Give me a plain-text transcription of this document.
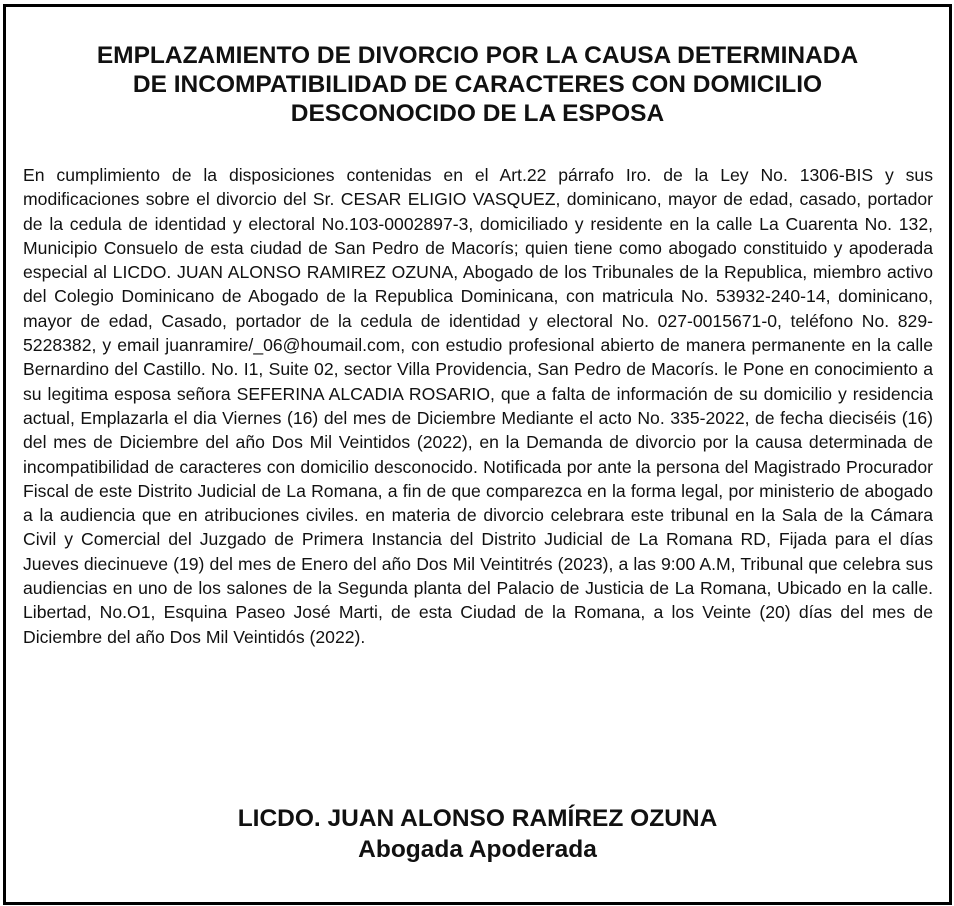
EMPLAZAMIENTO DE DIVORCIO POR LA CAUSA DETERMINADA
DE INCOMPATIBILIDAD DE CARACTERES CON DOMICILIO
DESCONOCIDO DE LA ESPOSA

En cumplimiento de la disposiciones contenidas en el Art.22 párrafo Iro. de la Ley No. 1306-BIS y sus modificaciones sobre el divorcio del Sr. CESAR ELIGIO VASQUEZ, dominicano, mayor de edad, casado, portador de la cedula de identidad y electoral No.103-0002897-3, domiciliado y residente en la calle La Cuarenta No. 132, Municipio Consuelo de esta ciudad de San Pedro de Macorís; quien tiene como abogado constituido y apoderada especial al LICDO. JUAN ALONSO RAMIREZ OZUNA, Abogado de los Tribunales de la Republica, miembro activo del Colegio Dominicano de Abogado de la Republica Dominicana, con matricula No. 53932-240-14, dominicano, mayor de edad, Casado, portador de la cedula de identidad y electoral No. 027-0015671-0, teléfono No. 829-5228382, y email juanramire/_06@houmail.com, con estudio profesional abierto de manera permanente en la calle Bernardino del Castillo. No. I1, Suite 02, sector Villa Providencia, San Pedro de Macorís. le Pone en conocimiento a su legitima esposa señora SEFERINA ALCADIA ROSARIO, que a falta de información de su domicilio y residencia actual, Emplazarla el dia Viernes (16) del mes de Diciembre Mediante el acto No. 335-2022, de fecha dieciséis (16) del mes de Diciembre del año Dos Mil Veintidos (2022), en la Demanda de divorcio por la causa determinada de incompatibilidad de caracteres con domicilio desconocido. Notificada por ante la persona del Magistrado Procurador Fiscal de este Distrito Judicial de La Romana, a fin de que comparezca en la forma legal, por ministerio de abogado a la audiencia que en atribuciones civiles. en materia de divorcio celebrara este tribunal en la Sala de la Cámara Civil y Comercial del Juzgado de Primera Instancia del Distrito Judicial de La Romana RD, Fijada para el días Jueves diecinueve (19) del mes de Enero del año Dos Mil Veintitrés (2023), a las 9:00 A.M, Tribunal que celebra sus audiencias en uno de los salones de la Segunda planta del Palacio de Justicia de La Romana, Ubicado en la calle. Libertad, No.O1, Esquina Paseo José Marti, de esta Ciudad de la Romana, a los Veinte (20) días del mes de Diciembre del año Dos Mil Veintidós (2022).

LICDO. JUAN ALONSO RAMÍREZ OZUNA

Abogada Apoderada
